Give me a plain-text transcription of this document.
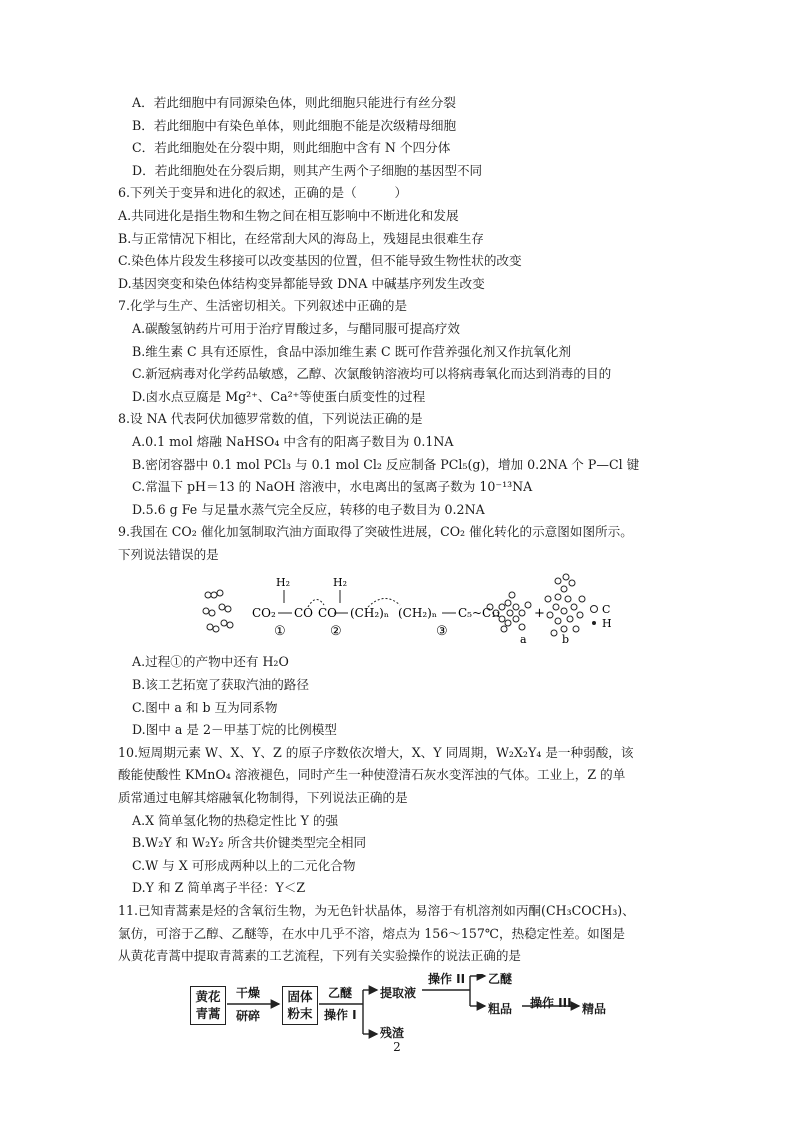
A．若此细胞中有同源染色体，则此细胞只能进行有丝分裂
B．若此细胞中有染色单体，则此细胞不能是次级精母细胞
C．若此细胞处在分裂中期，则此细胞中含有 N 个四分体
D．若此细胞处在分裂后期，则其产生两个子细胞的基因型不同
6.下列关于变异和进化的叙述，正确的是（　　　）
A.共同进化是指生物和生物之间在相互影响中不断进化和发展
B.与正常情况下相比，在经常刮大风的海岛上，残翅昆虫很难生存
C.染色体片段发生移接可以改变基因的位置，但不能导致生物性状的改变
D.基因突变和染色体结构变异都能导致 DNA 中碱基序列发生改变
7.化学与生产、生活密切相关。下列叙述中正确的是
A.碳酸氢钠药片可用于治疗胃酸过多，与醋同服可提高疗效
B.维生素 C 具有还原性，食品中添加维生素 C 既可作营养强化剂又作抗氧化剂
C.新冠病毒对化学药品敏感，乙醇、次氯酸钠溶液均可以将病毒氧化而达到消毒的目的
D.卤水点豆腐是 Mg²⁺、Ca²⁺等使蛋白质变性的过程
8.设 NA 代表阿伏加德罗常数的值，下列说法正确的是
A.0.1 mol 熔融 NaHSO₄ 中含有的阳离子数目为 0.1NA
B.密闭容器中 0.1 mol PCl₃ 与 0.1 mol Cl₂ 反应制备 PCl₅(g)，增加 0.2NA 个 P—Cl 键
C.常温下 pH＝13 的 NaOH 溶液中，水电离出的氢离子数为 10⁻¹³NA
D.5.6 g Fe 与足量水蒸气完全反应，转移的电子数目为 0.2NA
9.我国在 CO₂ 催化加氢制取汽油方面取得了突破性进展，CO₂ 催化转化的示意图如图所示。
下列说法错误的是
H₂
CO₂ CO
①
H₂
CO
②
(CH₂)ₙ (CH₂)ₙ
③
C₅~C₁₁
a
+
b
C
H
A.过程①的产物中还有 H₂O
B.该工艺拓宽了获取汽油的路径
C.图中 a 和 b 互为同系物
D.图中 a 是 2－甲基丁烷的比例模型
10.短周期元素 W、X、Y、Z 的原子序数依次增大，X、Y 同周期，W₂X₂Y₄ 是一种弱酸，该
酸能使酸性 KMnO₄ 溶液褪色，同时产生一种使澄清石灰水变浑浊的气体。工业上，Z 的单
质常通过电解其熔融氧化物制得，下列说法正确的是
A.X 简单氢化物的热稳定性比 Y 的强
B.W₂Y 和 W₂Y₂ 所含共价键类型完全相同
C.W 与 X 可形成两种以上的二元化合物
D.Y 和 Z 简单离子半径：Y＜Z
11.已知青蒿素是烃的含氧衍生物，为无色针状晶体，易溶于有机溶剂如丙酮(CH₃COCH₃)、
氯仿，可溶于乙醇、乙醚等，在水中几乎不溶，熔点为 156～157℃，热稳定性差。如图是
从黄花青蒿中提取青蒿素的工艺流程，下列有关实验操作的说法正确的是
黄花青蒿
干燥
研碎
固体粉末
乙醚
操作 I
提取液
残渣
操作 II 乙醚
粗品 操作 III 精品
2
